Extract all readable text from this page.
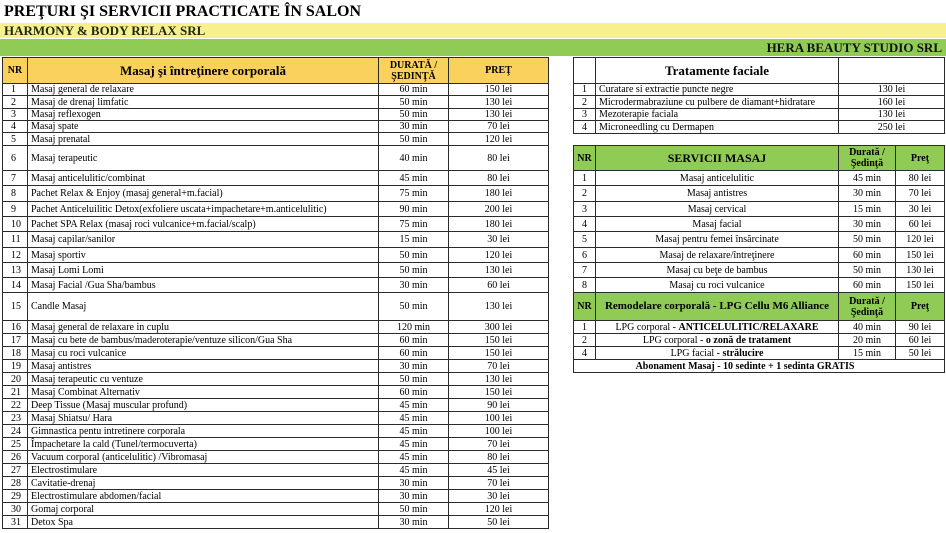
PREŢURI ŞI SERVICII PRACTICATE ÎN SALON
HARMONY & BODY RELAX SRL
HERA BEAUTY STUDIO SRL
NR	Masaj şi întreţinere corporală	DURATĂ /
ŞEDINŢĂ	PREŢ
1	Masaj general de relaxare	60 min	150 lei
2	Masaj de drenaj limfatic	50 min	130 lei
3	Masaj reflexogen	50 min	130 lei
4	Masaj spate	30 min	70 lei
5	Masaj prenatal	50 min	120 lei
6	Masaj terapeutic	40 min	80 lei
7	Masaj anticelulitic/combinat	45 min	80 lei
8	Pachet Relax & Enjoy (masaj general+m.facial)	75 min	180 lei
9	Pachet Anticeluilitic Detox(exfoliere uscata+impachetare+m.anticelulitic)	90 min	200 lei
10	Pachet SPA Relax (masaj roci vulcanice+m.facial/scalp)	75 min	180 lei
11	Masaj capilar/sanilor	15 min	30 lei
12	Masaj sportiv	50 min	120 lei
13	Masaj Lomi Lomi	50 min	130 lei
14	Masaj Facial /Gua Sha/bambus	30 min	60 lei
15	Candle Masaj	50 min	130 lei
16	Masaj general de relaxare in cuplu	120 min	300 lei
17	Masaj cu bete de bambus/maderoterapie/ventuze silicon/Gua Sha	60 min	150 lei
18	Masaj cu roci vulcanice	60 min	150 lei
19	Masaj antistres	30 min	70 lei
20	Masaj terapeutic cu ventuze	50 min	130 lei
21	Masaj Combinat Alternativ	60 min	150 lei
22	Deep Tissue (Masaj muscular profund)	45 min	90 lei
23	Masaj Shiatsu/ Hara	45 min	100 lei
24	Gimnastica pentu intretinere corporala	45 min	100 lei
25	Împachetare la cald (Tunel/termocuverta)	45 min	70 lei
26	Vacuum corporal (anticelulitic) /Vibromasaj	45 min	80 lei
27	Electrostimulare	45 min	45 lei
28	Cavitatie-drenaj	30 min	70 lei
29	Electrostimulare abdomen/facial	30 min	30 lei
30	Gomaj corporal	50 min	120 lei
31	Detox Spa	30 min	50 lei
	Tratamente faciale	
1	Curatare si extractie puncte negre	130 lei
2	Microdermabraziune cu pulbere de diamant+hidratare	160 lei
3	Mezoterapie faciala	130 lei
4	Microneedling cu Dermapen	250 lei
NR	SERVICII MASAJ	Durată /
Şedinţă	Preţ
1	Masaj anticelulitic	45 min	80 lei
2	Masaj antistres	30 min	70 lei
3	Masaj cervical	15 min	30 lei
4	Masaj facial	30 min	60 lei
5	Masaj pentru femei însărcinate	50 min	120 lei
6	Masaj de relaxare/întreţinere	60 min	150 lei
7	Masaj cu beţe de bambus	50 min	130 lei
8	Masaj cu roci vulcanice	60 min	150 lei
NR	Remodelare corporală - LPG Cellu M6 Alliance	Durată /
Şedinţă	Preţ
1	LPG corporal - ANTICELULITIC/RELAXARE	40 min	90 lei
2	LPG corporal - o zonă de tratament	20 min	60 lei
4	LPG facial - strălucire	15 min	50 lei
Abonament Masaj - 10 sedinte + 1 sedinta GRATIS			
